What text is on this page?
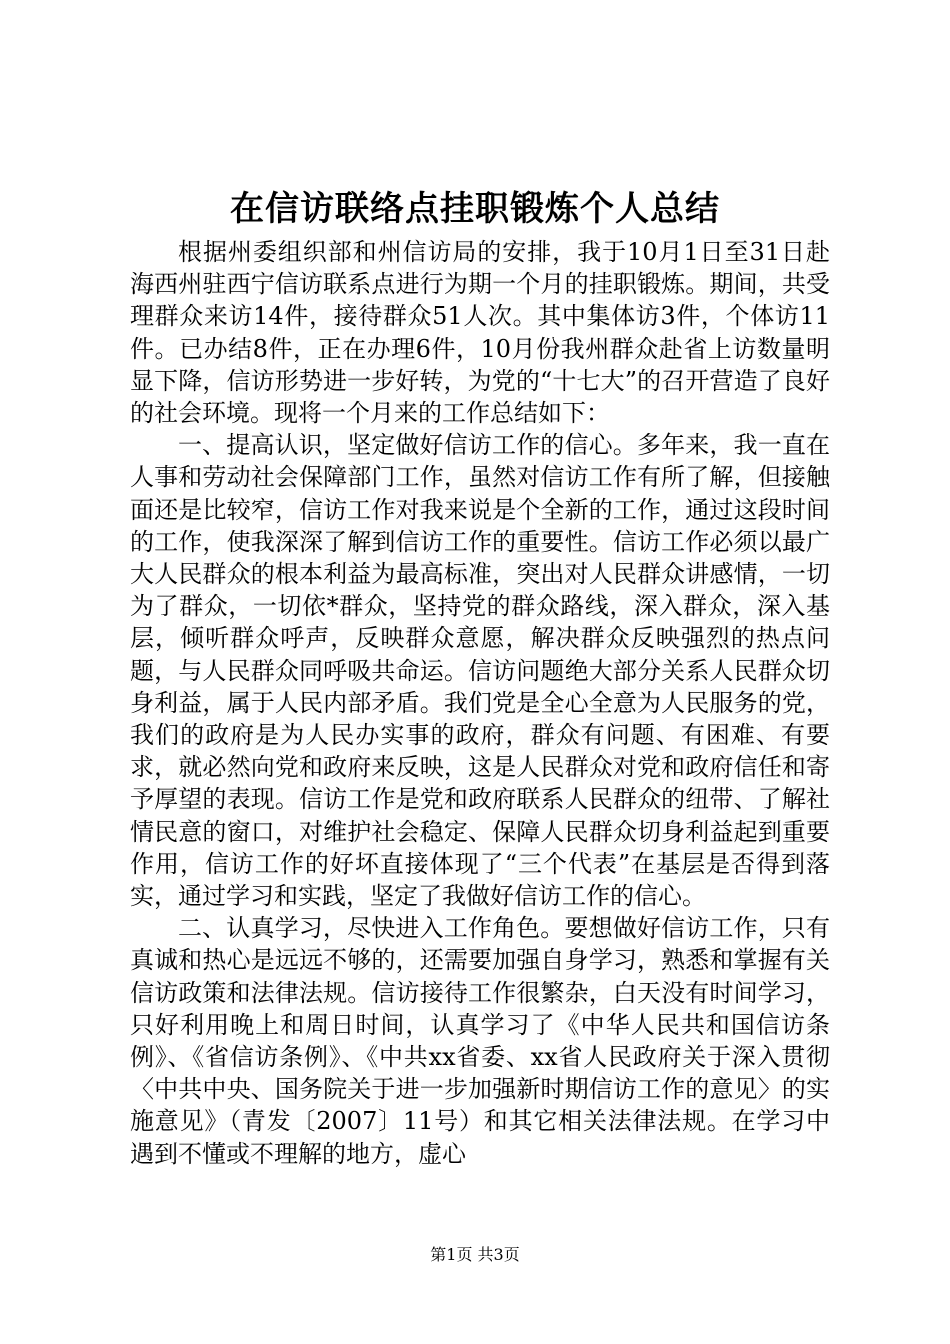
在信访联络点挂职锻炼个人总结

根据州委组织部和州信访局的安排，我于10月1日至31日赴海西州驻西宁信访联系点进行为期一个月的挂职锻炼。期间，共受理群众来访14件，接待群众51人次。其中集体访3件，个体访11件。已办结8件，正在办理6件，10月份我州群众赴省上访数量明显下降，信访形势进一步好转，为党的“十七大”的召开营造了良好的社会环境。现将一个月来的工作总结如下：

一、提高认识，坚定做好信访工作的信心。多年来，我一直在人事和劳动社会保障部门工作，虽然对信访工作有所了解，但接触面还是比较窄，信访工作对我来说是个全新的工作，通过这段时间的工作，使我深深了解到信访工作的重要性。信访工作必须以最广大人民群众的根本利益为最高标准，突出对人民群众讲感情，一切为了群众，一切依*群众，坚持党的群众路线，深入群众，深入基层，倾听群众呼声，反映群众意愿，解决群众反映强烈的热点问题，与人民群众同呼吸共命运。信访问题绝大部分关系人民群众切身利益，属于人民内部矛盾。我们党是全心全意为人民服务的党，我们的政府是为人民办实事的政府，群众有问题、有困难、有要求，就必然向党和政府来反映，这是人民群众对党和政府信任和寄予厚望的表现。信访工作是党和政府联系人民群众的纽带、了解社情民意的窗口，对维护社会稳定、保障人民群众切身利益起到重要作用，信访工作的好坏直接体现了“三个代表”在基层是否得到落实，通过学习和实践，坚定了我做好信访工作的信心。

二、认真学习，尽快进入工作角色。要想做好信访工作，只有真诚和热心是远远不够的，还需要加强自身学习，熟悉和掌握有关信访政策和法律法规。信访接待工作很繁杂，白天没有时间学习，只好利用晚上和周日时间，认真学习了《中华人民共和国信访条例》、《省信访条例》、《中共xx省委、xx省人民政府关于深入贯彻〈中共中央、国务院关于进一步加强新时期信访工作的意见〉的实施意见》（青发〔2007〕11号）和其它相关法律法规。在学习中遇到不懂或不理解的地方，虚心

第1页 共3页
